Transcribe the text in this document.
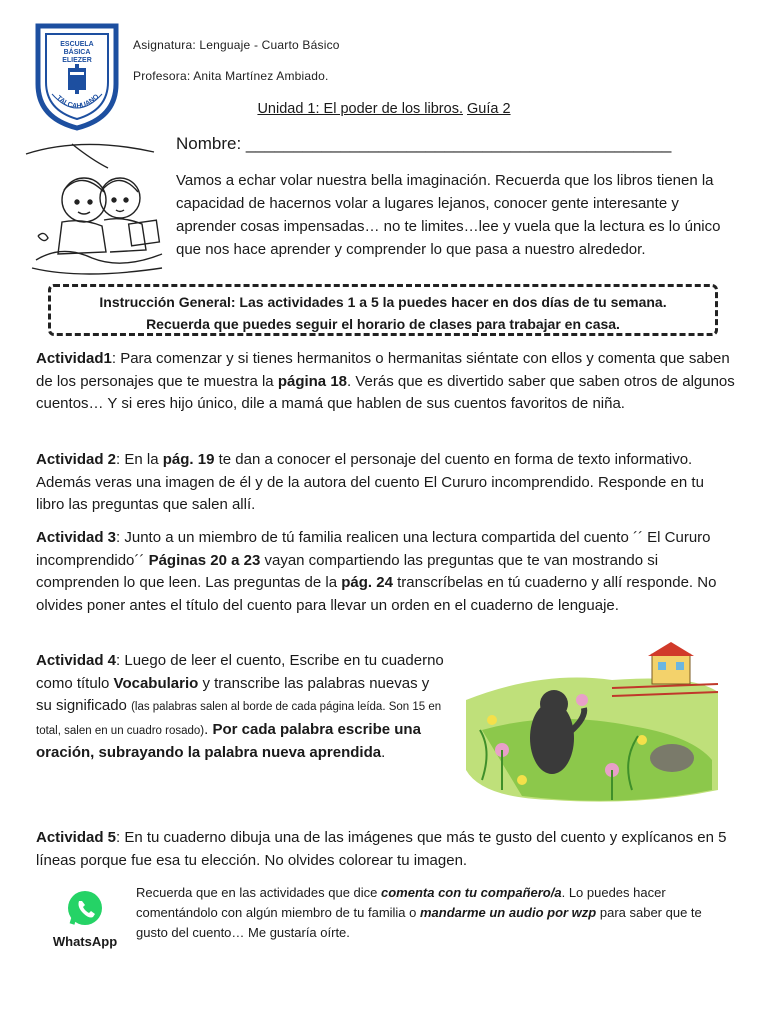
ESCUELA
BÁSICA
ELIEZER
TALCAHUANO
Asignatura: Lenguaje - Cuarto Básico
Profesora: Anita Martínez Ambiado.
Unidad 1: El poder de los libros. Guía 2
Nombre: _____________________________________________
Vamos a echar volar nuestra bella imaginación. Recuerda que los libros tienen la capacidad de hacernos volar a lugares lejanos, conocer gente interesante y aprender cosas impensadas… no te limites…lee y vuela que la lectura es lo único que nos hace aprender y comprender lo que pasa a nuestro alrededor.
Instrucción General: Las actividades 1 a 5 la puedes hacer en dos días de tu semana.
Recuerda que puedes seguir el horario de clases para trabajar en casa.
Actividad1: Para comenzar y si tienes hermanitos o hermanitas siéntate con ellos y comenta que saben de los personajes que te muestra la página 18. Verás que es divertido saber que saben otros de algunos cuentos… Y si eres hijo único, dile a mamá que hablen de sus cuentos favoritos de niña.
Actividad 2: En la pág. 19 te dan a conocer el personaje del cuento en forma de texto informativo. Además veras una imagen de él y de la autora del cuento El Cururo incomprendido. Responde en tu libro las preguntas que salen allí.
Actividad 3: Junto a un miembro de tú familia realicen una lectura compartida del cuento ´´ El Cururo incomprendido´´ Páginas 20 a 23 vayan compartiendo las preguntas que te van mostrando si comprenden lo que leen. Las preguntas de la pág. 24 transcríbelas en tú cuaderno y allí responde. No olvides poner antes el título del cuento para llevar un orden en el cuaderno de lenguaje.
Actividad 4: Luego de leer el cuento, Escribe en tu cuaderno como título Vocabulario y transcribe las palabras nuevas y su significado (las palabras salen al borde de cada página leída. Son 15 en total, salen en un cuadro rosado). Por cada palabra escribe una oración, subrayando la palabra nueva aprendida.
Actividad 5: En tu cuaderno dibuja una de las imágenes que más te gusto del cuento y explícanos en 5 líneas porque fue esa tu elección. No olvides colorear tu imagen.
WhatsApp
Recuerda que en las actividades que dice comenta con tu compañero/a. Lo puedes hacer comentándolo con algún miembro de tu familia o mandarme un audio por wzp para saber que te gusto del cuento… Me gustaría oírte.
